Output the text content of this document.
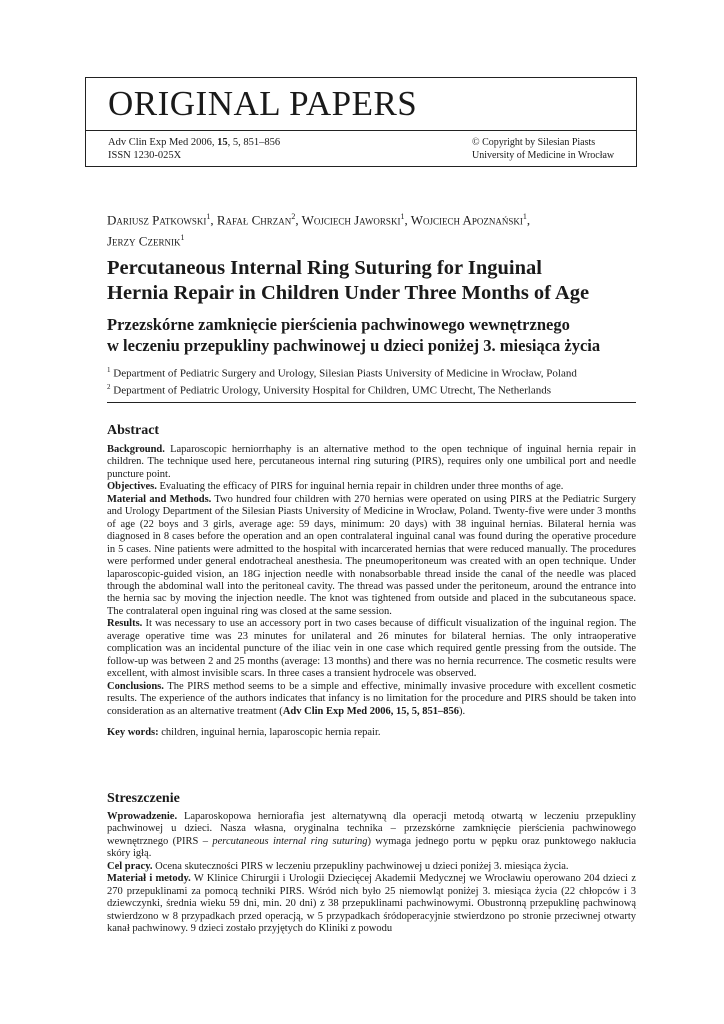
ORIGINAL PAPERS
Adv Clin Exp Med 2006, 15, 5, 851–856
ISSN 1230-025X
© Copyright by Silesian Piasts
University of Medicine in Wrocław
Dariusz Patkowski$^1$, Rafał Chrzan$^2$, Wojciech Jaworski$^1$, Wojciech Apoznański$^1$,
Jerzy Czernik$^1$
Percutaneous Internal Ring Suturing for Inguinal
Hernia Repair in Children Under Three Months of Age
Przezskórne zamknięcie pierścienia pachwinowego wewnętrznego
w leczeniu przepukliny pachwinowej u dzieci poniżej 3. miesiąca życia
$^1$ Department of Pediatric Surgery and Urology, Silesian Piasts University of Medicine in Wrocław, Poland
$^2$ Department of Pediatric Urology, University Hospital for Children, UMC Utrecht, The Netherlands
Abstract

Background. Laparoscopic herniorrhaphy is an alternative method to the open technique of inguinal hernia repair in children. The technique used here, percutaneous internal ring suturing (PIRS), requires only one umbilical port and needle puncture point.

Objectives. Evaluating the efficacy of PIRS for inguinal hernia repair in children under three months of age.

Material and Methods. Two hundred four children with 270 hernias were operated on using PIRS at the Pediatric Surgery and Urology Department of the Silesian Piasts University of Medicine in Wrocław, Poland. Twenty-five were under 3 months of age (22 boys and 3 girls, average age: 59 days, minimum: 20 days) with 38 inguinal hernias. Bilateral hernia was diagnosed in 8 cases before the operation and an open contralateral inguinal canal was found during the operative procedure in 5 cases. Nine patients were admitted to the hospital with incarcerated hernias that were reduced manually. The procedures were performed under general endotracheal anesthesia. The pneumoperitoneum was created with an open technique. Under laparoscopic-guided vision, an 18G injection needle with nonabsorbable thread inside the canal of the needle was placed through the abdominal wall into the peritoneal cavity. The thread was passed under the peritoneum, around the entrance into the hernia sac by moving the injection needle. The knot was tightened from outside and placed in the subcutaneous space. The contralateral open inguinal ring was closed at the same session.

Results. It was necessary to use an accessory port in two cases because of difficult visualization of the inguinal region. The average operative time was 23 minutes for unilateral and 26 minutes for bilateral hernias. The only intraoperative complication was an incidental puncture of the iliac vein in one case which required gentle pressing from the outside. The follow-up was between 2 and 25 months (average: 13 months) and there was no hernia recurrence. The cosmetic results were excellent, with almost invisible scars. In three cases a transient hydrocele was observed.

Conclusions. The PIRS method seems to be a simple and effective, minimally invasive procedure with excellent cosmetic results. The experience of the authors indicates that infancy is no limitation for the procedure and PIRS should be taken into consideration as an alternative treatment (Adv Clin Exp Med 2006, 15, 5, 851–856).

Key words: children, inguinal hernia, laparoscopic hernia repair.

Streszczenie

Wprowadzenie. Laparoskopowa herniorafia jest alternatywną dla operacji metodą otwartą w leczeniu przepukliny pachwinowej u dzieci. Nasza własna, oryginalna technika – przezskórne zamknięcie pierścienia pachwinowego wewnętrznego (PIRS – percutaneous internal ring suturing) wymaga jednego portu w pępku oraz punktowego nakłucia skóry igłą.

Cel pracy. Ocena skuteczności PIRS w leczeniu przepukliny pachwinowej u dzieci poniżej 3. miesiąca życia.

Materiał i metody. W Klinice Chirurgii i Urologii Dziecięcej Akademii Medycznej we Wrocławiu operowano 204 dzieci z 270 przepuklinami za pomocą techniki PIRS. Wśród nich było 25 niemowląt poniżej 3. miesiąca życia (22 chłopców i 3 dziewczynki, średnia wieku 59 dni, min. 20 dni) z 38 przepuklinami pachwinowymi. Obustronną przepuklinę pachwinową stwierdzono w 8 przypadkach przed operacją, w 5 przypadkach śródoperacyjnie stwierdzono po stronie przeciwnej otwarty kanał pachwinowy. 9 dzieci zostało przyjętych do Kliniki z powodu
